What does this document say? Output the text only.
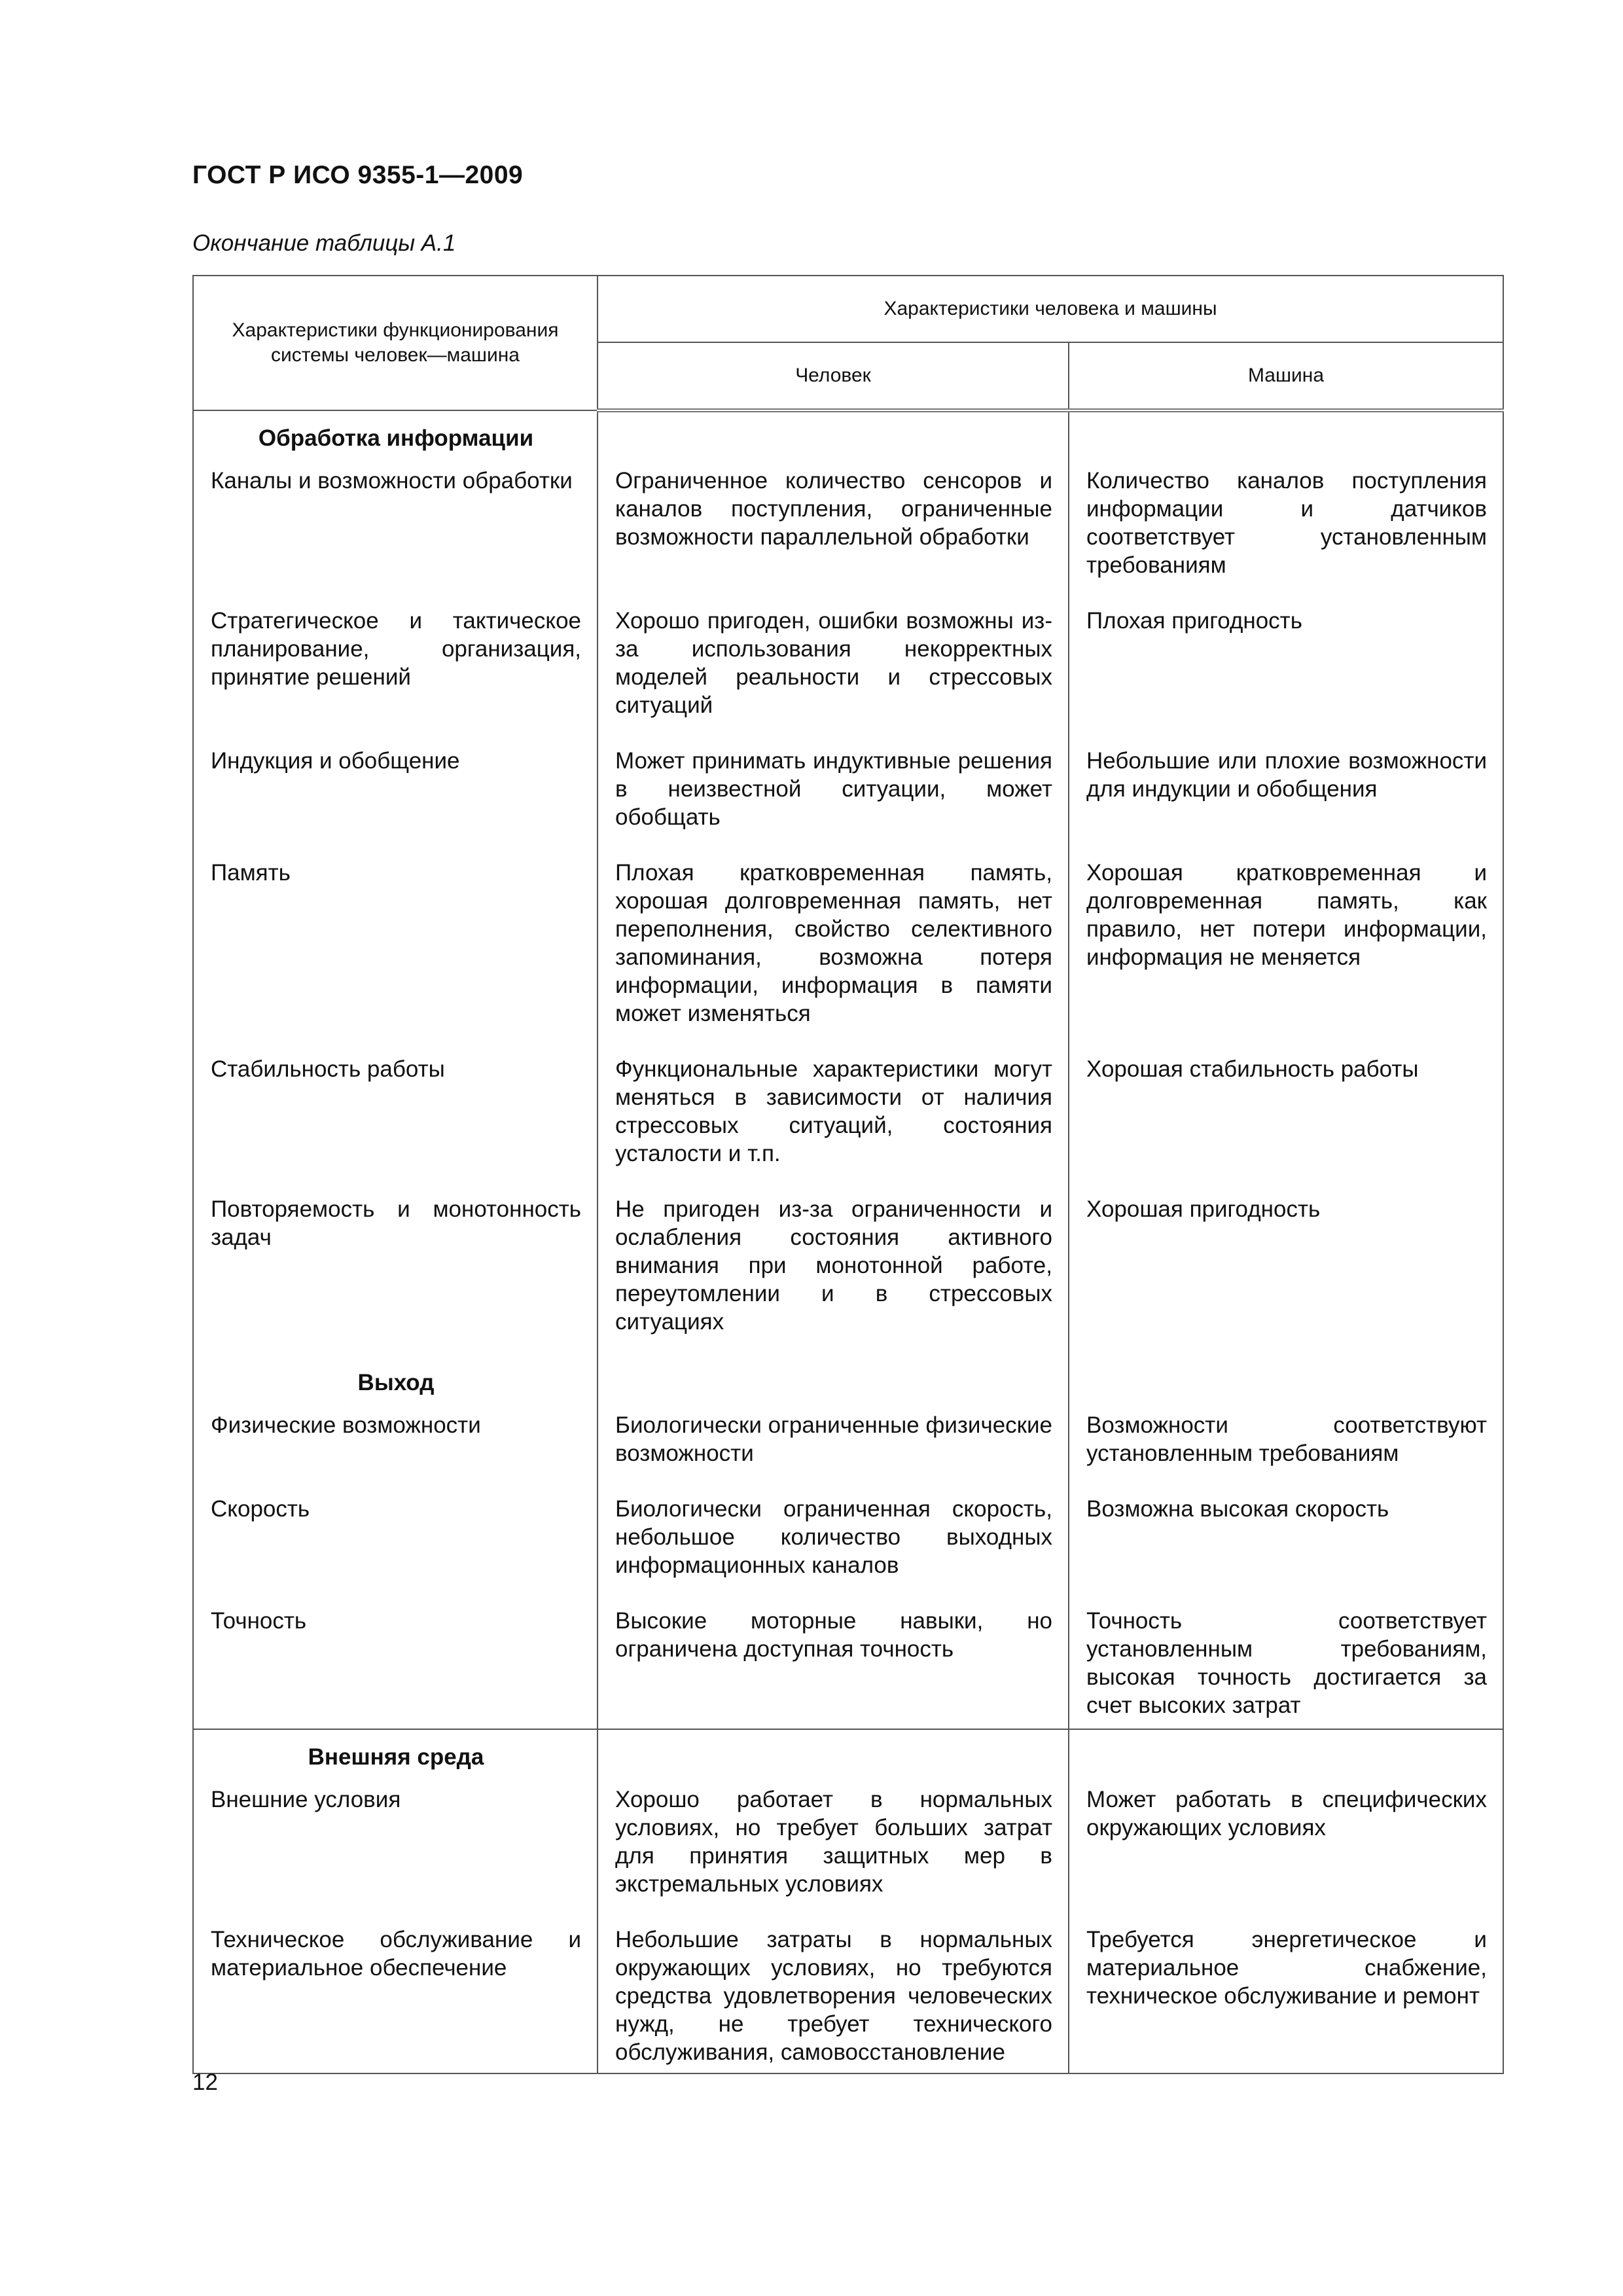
ГОСТ Р ИСО 9355-1—2009
Окончание таблицы А.1
Характеристики функционирования системы человек—машина	Характеристики человека и машины	
	Человек	Машина
Обработка информации		
Каналы и возможности обработки	Ограниченное количество сенсоров и каналов поступления, ограниченные возможности параллельной обработки	Количество каналов поступления информации и датчиков соответствует установленным требованиям
Стратегическое и тактическое планирование, организация, принятие решений	Хорошо пригоден, ошибки возможны из-за использования некорректных моделей реальности и стрессовых ситуаций	Плохая пригодность
Индукция и обобщение	Может принимать индуктивные решения в неизвестной ситуации, может обобщать	Небольшие или плохие возможности для индукции и обобщения
Память	Плохая кратковременная память, хорошая долговременная память, нет переполнения, свойство селективного запоминания, возможна потеря информации, информация в памяти может изменяться	Хорошая кратковременная и долговременная память, как правило, нет потери информации, информация не меняется
Стабильность работы	Функциональные характеристики могут меняться в зависимости от наличия стрессовых ситуаций, состояния усталости и т.п.	Хорошая стабильность работы
Повторяемость и монотонность задач	Не пригоден из-за ограниченности и ослабления состояния активного внимания при монотонной работе, переутомлении и в стрессовых ситуациях	Хорошая пригодность
Выход		
Физические возможности	Биологически ограниченные физические возможности	Возможности соответствуют установленным требованиям
Скорость	Биологически ограниченная скорость, небольшое количество выходных информационных каналов	Возможна высокая скорость
Точность	Высокие моторные навыки, но ограничена доступная точность	Точность соответствует установленным требованиям, высокая точность достигается за счет высоких затрат
Внешняя среда		
Внешние условия	Хорошо работает в нормальных условиях, но требует больших затрат для принятия защитных мер в экстремальных условиях	Может работать в специфических окружающих условиях
Техническое обслуживание и материальное обеспечение	Небольшие затраты в нормальных окружающих условиях, но требуются средства удовлетворения человеческих нужд, не требует технического обслуживания, самовосстановление	Требуется энергетическое и материальное снабжение, техническое обслуживание и ремонт
12
